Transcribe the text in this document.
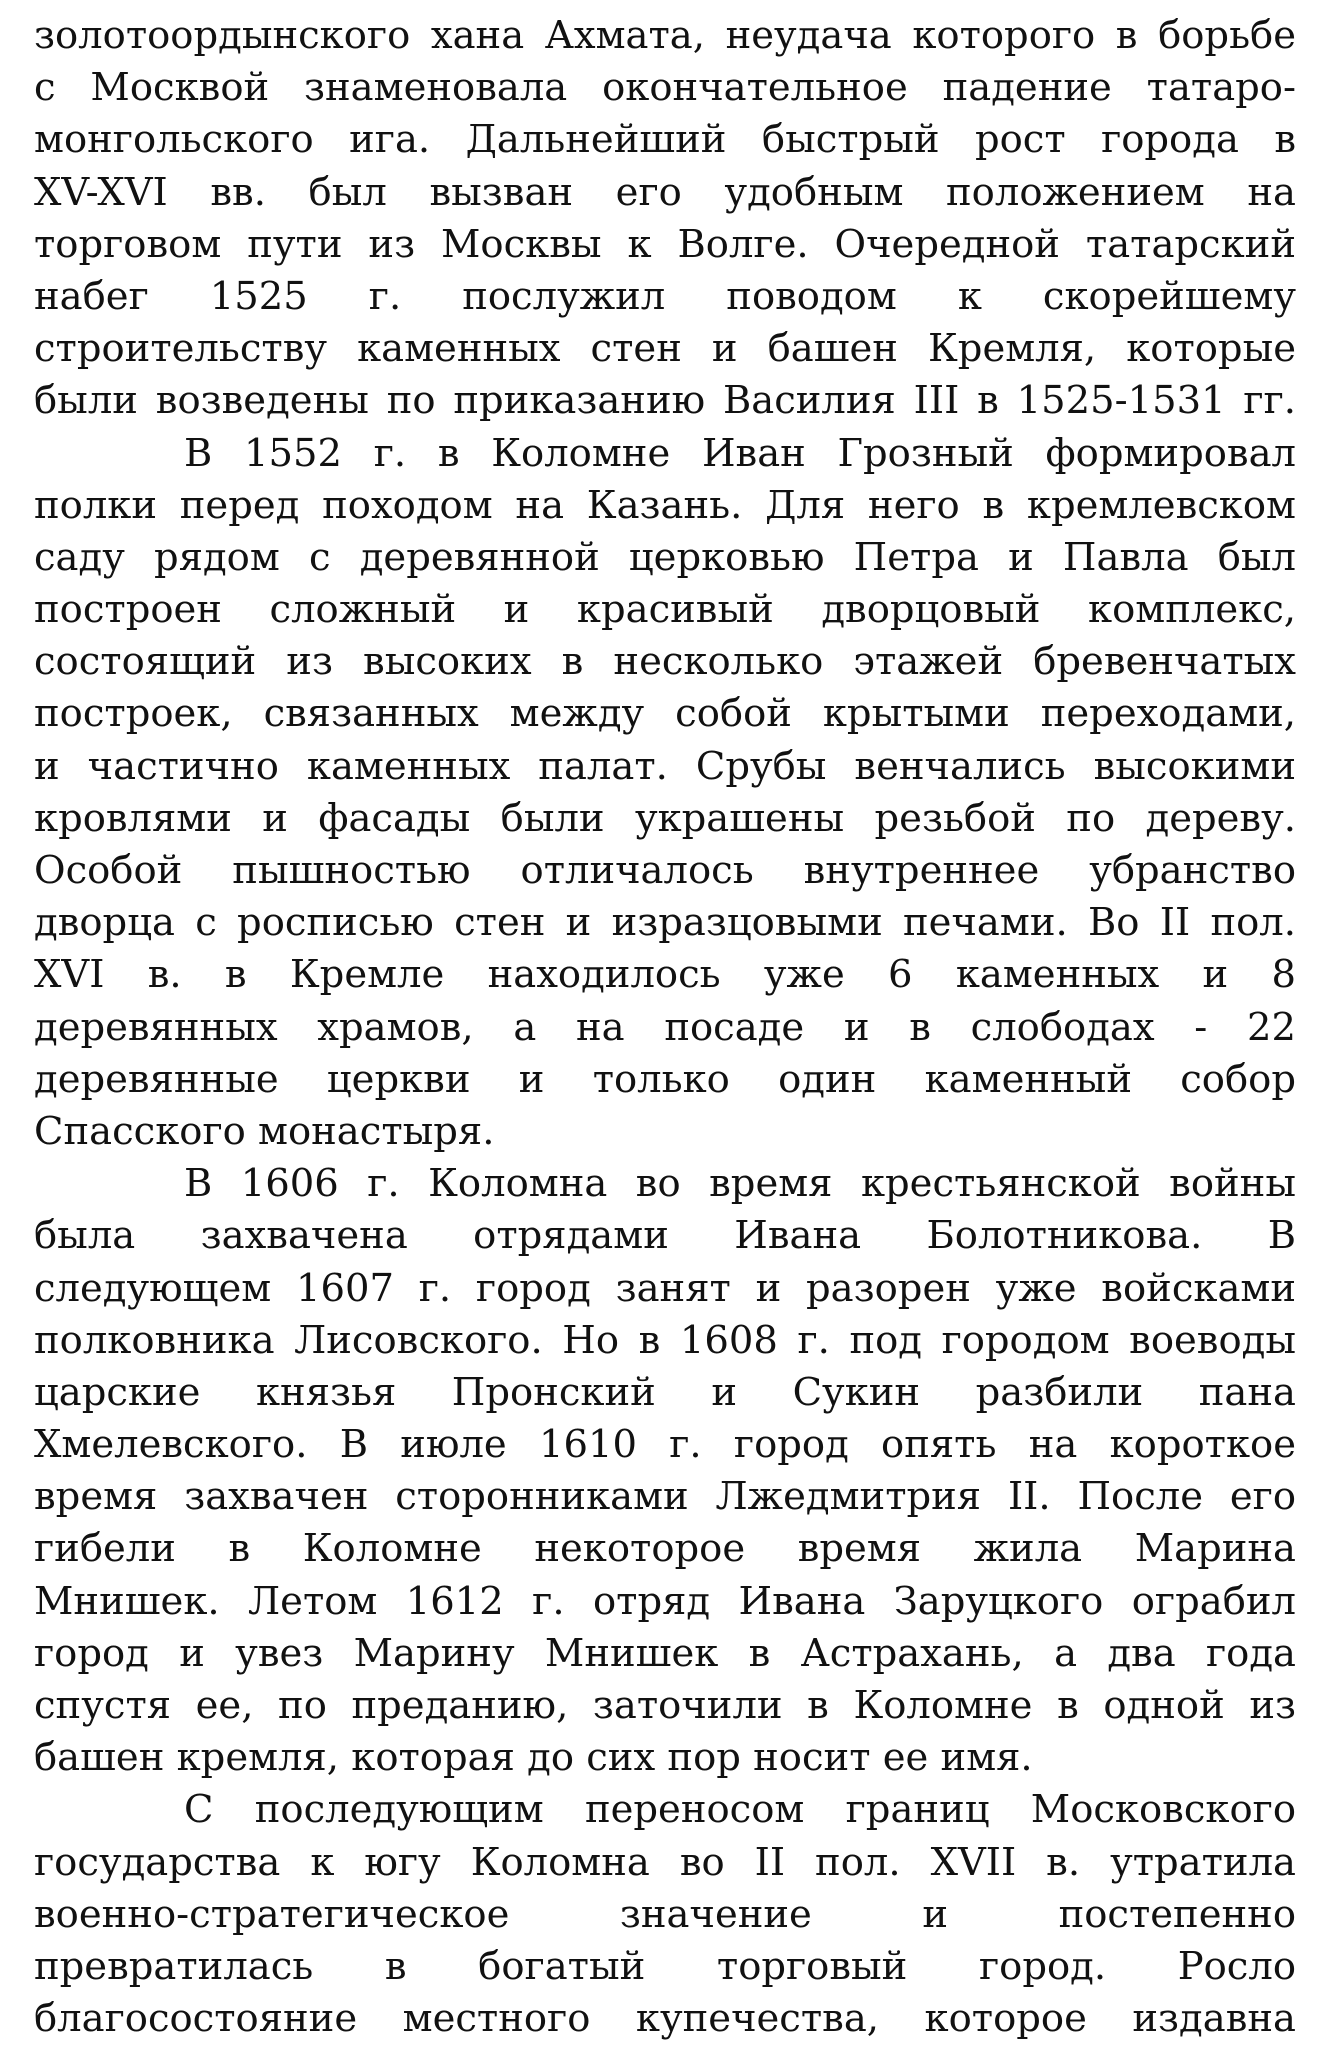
золотоордынского хана Ахмата, неудача которого в борьбе
с Москвой знаменовала окончательное падение татаро-
монгольского ига. Дальнейший быстрый рост города в
XV-XVI вв. был вызван его удобным положением на
торговом пути из Москвы к Волге. Очередной татарский
набег 1525 г. послужил поводом к скорейшему
строительству каменных стен и башен Кремля, которые
были возведены по приказанию Василия III в 1525-1531 гг.
В 1552 г. в Коломне Иван Грозный формировал
полки перед походом на Казань. Для него в кремлевском
саду рядом с деревянной церковью Петра и Павла был
построен сложный и красивый дворцовый комплекс,
состоящий из высоких в несколько этажей бревенчатых
построек, связанных между собой крытыми переходами,
и частично каменных палат. Срубы венчались высокими
кровлями и фасады были украшены резьбой по дереву.
Особой пышностью отличалось внутреннее убранство
дворца с росписью стен и изразцовыми печами. Во II пол.
XVI в. в Кремле находилось уже 6 каменных и 8
деревянных храмов, а на посаде и в слободах - 22
деревянные церкви и только один каменный собор
Спасского монастыря.
В 1606 г. Коломна во время крестьянской войны
была захвачена отрядами Ивана Болотникова. В
следующем 1607 г. город занят и разорен уже войсками
полковника Лисовского. Но в 1608 г. под городом воеводы
царские князья Пронский и Сукин разбили пана
Хмелевского. В июле 1610 г. город опять на короткое
время захвачен сторонниками Лжедмитрия II. После его
гибели в Коломне некоторое время жила Марина
Мнишек. Летом 1612 г. отряд Ивана Заруцкого ограбил
город и увез Марину Мнишек в Астрахань, а два года
спустя ее, по преданию, заточили в Коломне в одной из
башен кремля, которая до сих пор носит ее имя.
С последующим переносом границ Московского
государства к югу Коломна во II пол. XVII в. утратила
военно-стратегическое значение и постепенно
превратилась в богатый торговый город. Росло
благосостояние местного купечества, которое издавна
